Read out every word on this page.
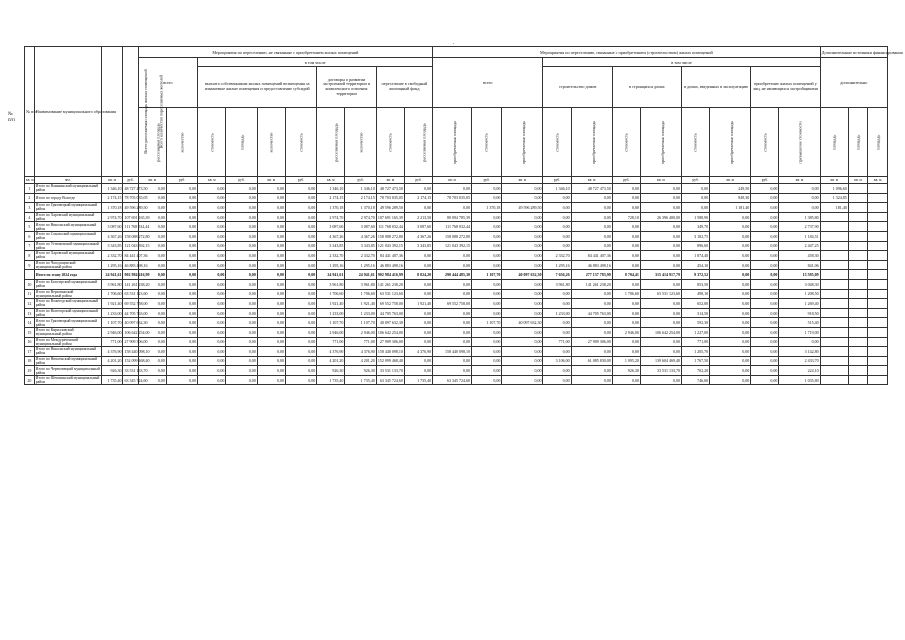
.
№
п/п
№ п/п	Наименование муниципального образования	Всего расселяемая площадь жилых помещений	Всего количество переселяемых жителей	Мероприятия по переселению, не связанные с приобретением жилых помещений										Мероприятия по переселению, связанные с приобретением (строительством) жилых помещений											Дополнительные источники финансирования		
				всего		в том числе								всего			в том числе								дополнительно		
						выплата собственникам жилых помещений возмещения за изымаемые жилые помещения и предоставление субсидий				договоры о развитии застроенной территории и комплексного освоения территории		переселение в свободный жилищный фонд					строительство домов		в строящихся домах		в домах, введенных в эксплуатацию		приобретение жилых помещений у лиц, не являющихся застройщиками				
				расселяемая площадь	количество	стоимость	площадь	количество	стоимость	расселяемая площадь	количество	стоимость	расселяемая площадь	приобретаемая площадь	стоимость	приобретаемая площадь	стоимость	приобретаемая площадь	стоимость	приобретаемая площадь	стоимость	приобретаемая площадь	стоимость	превышение стоимости	площадь	площадь	площадь
кв. м	чел.	кв. м	руб.	кв. м	руб.	кв. м	руб.	кв. м	руб.	кв. м	руб.	кв. м	руб.	кв. м	руб.	кв. м	руб.	кв. м	руб.	кв. м	руб.	кв. м	руб.	кв. м	кв. м	кв. м	кв. м
1	Итого по Ванькинский муниципальный район	1 346,10	48 727 473,50	0,00	0,00	0,00	0,00	0,00	0,00	1 346,10	1 346,10	48 727 473,50	0,00	0,00	0,00	0,00	1 346,10	48 727 473,50	0,00	0,00	0,00	249,50	0,00	0,00	1 096,60		
2	Итого по городу Вологде	2 174,15	78 703 035,05	0,00	0,00	0,00	0,00	0,00	0,00	2 174,15	2 174,15	78 703 035,05	2 174,15	78 703 035,05	0,00	0,00	0,00	0,00	0,00	0,00	0,00	849,30	0,00	0,00	1 324,85		
3	Итого по Грязовецкий муниципальный район	1 370,18	49 596 289,50	0,00	0,00	0,00	0,00	0,00	0,00	1 370,18	1 370,18	49 596 289,50	0,00	0,00	1 370,18	49 596 289,50	0,00	0,00	0,00	0,00	0,00	1 181,40	0,00	0,00	181,40		
4	Итого по Харовский муниципальный район	2 974,70	107 691 165,39	0,00	0,00	0,00	0,00	0,00	0,00	2 974,70	2 974,70	107 691 165,39	2 213,50	80 094 785,39	0,00	0,00	0,00	0,00	728,10	26 396 400,00	1 588,90	0,00	0,00	1 385,80			
5	Итого по Никольский муниципальный район	3 087,60	111 768 032,44	0,00	0,00	0,00	0,00	0,00	0,00	3 087,60	3 087,60	111 768 032,44	3 087,60	111 768 032,44	0,00	0,00	0,00	0,00	0,00	0,00	349,70	0,00	0,00	2 737,90			
6	Итого по Сокольский муниципальный район	4 367,26	158 088 272,80	0,00	0,00	0,00	0,00	0,00	0,00	4 367,26	4 367,26	158 088 272,80	4 367,26	158 088 272,80	0,00	0,00	0,00	0,00	0,00	0,00	3 182,75	0,00	0,00	1 184,51			
7	Итого по Устюженский муниципальный район	3 343,85	121 043 392,15	0,00	0,00	0,00	0,00	0,00	0,00	3 343,85	3 343,85	121 043 392,15	3 343,85	121 043 392,15	0,00	0,00	0,00	0,00	0,00	0,00	896,60	0,00	0,00	2 447,25			
8	Итого по Харовский муниципальный район	2 332,70	84 441 407,36	0,00	0,00	0,00	0,00	0,00	0,00	2 332,70	2 332,70	84 441 407,36	0,00	0,00	0,00	0,00	2 332,70	84 441 407,36	0,00	0,00	1 874,40	0,00	0,00	458,30			
9	Итого по Чагодощенский муниципальный район	1 295,16	46 883 498,16	0,00	0,00	0,00	0,00	0,00	0,00	1 295,16	1 295,16	46 883 498,16	0,00	0,00	0,00	0,00	1 295,16	46 883 498,16	0,00	0,00	454,10	0,00	0,00	841,06			
	Итого по этапу 2024 года	24 941,61	902 984 416,99	0,00	0,00	0,00	0,00	0,00	0,00	24 941,61	24 941,61	902 984 416,99	8 024,20	290 444 485,30	1 107,70	40 097 632,30	7 656,26	277 137 783,90	8 704,41	315 414 917,79	9 372,52	0,00	0,00	15 595,09			
10	Итого по Белозерский муниципальный район	3 961,80	141 261 238,20	0,00	0,00	0,00	0,00	0,00	0,00	3 961,80	3 961,80	141 261 238,20	0,00	0,00	0,00	0,00	3 961,80	141 261 238,20	0,00	0,00	853,50	0,00	0,00	3 048,30			
11	Итого по Верховажский муниципальный район	1 706,60	63 531 123,60	0,00	0,00	0,00	0,00	0,00	0,00	1 706,60	1 706,60	63 531 123,60	0,00	0,00	0,00	0,00	0,00	0,00	1 706,60	63 531 123,60	498,10	0,00	0,00	1 208,50			
12	Итого по Вожегодский муниципальный район	1 921,40	69 552 758,00	0,00	0,00	0,00	0,00	0,00	0,00	1 921,40	1 921,40	69 552 758,00	1 921,40	69 552 758,00	0,00	0,00	0,00	0,00	0,00	0,00	652,00	0,00	0,00	1 269,40			
13	Итого по Вытегорский муниципальный район	1 233,00	44 705 763,00	0,00	0,00	0,00	0,00	0,00	0,00	1 233,00	1 233,00	44 705 763,00	0,00	0,00	0,00	0,00	1 233,00	44 705 763,00	0,00	0,00	314,50	0,00	0,00	918,50			
14	Итого по Грязовецкий муниципальный район	1 107,70	40 097 632,30	0,00	0,00	0,00	0,00	0,00	0,00	1 107,70	1 107,70	40 097 632,30	0,00	0,00	1 107,70	40 097 632,30	0,00	0,00	0,00	0,00	592,30	0,00	0,00	515,40			
15	Итого по Кирилловский муниципальный район	2 946,00	106 642 254,00	0,00	0,00	0,00	0,00	0,00	0,00	2 946,00	2 946,00	106 642 254,00	0,00	0,00	0,00	0,00	0,00	0,00	2 946,00	106 642 254,00	1 227,00	0,00	0,00	1 719,00			
16	Итого по Междуреченский муниципальный район	771,00	27 909 306,00	0,00	0,00	0,00	0,00	0,00	0,00	771,00	771,00	27 909 306,00	0,00	0,00	0,00	0,00	771,00	27 909 306,00	0,00	0,00	771,00	0,00	0,00	0,00			
17	Итого по Никольский муниципальный район	4 376,90	158 440 098,10	0,00	0,00	0,00	0,00	0,00	0,00	4 376,90	4 376,90	158 440 098,10	4 376,90	158 440 098,10	0,00	0,00	0,00	0,00	0,00	0,00	1 205,70	0,00	0,00	3 142,80			
18	Итого по Нюксенский муниципальный район	4 201,20	152 099 468,40	0,00	0,00	0,00	0,00	0,00	0,00	4 201,20	4 201,20	152 099 468,40	0,00	0,00	0,00	0,00	3 106,00	61 085 830,00	1 095,20	139 604 469,40	1 767,50	0,00	0,00	2 433,70			
19	Итого по Череповецкий муниципальный район	926,30	33 531 133,70	0,00	0,00	0,00	0,00	0,00	0,00	926,30	926,30	33 531 133,70	0,00	0,00	0,00	0,00	0,00	0,00	926,30	33 531 133,70	702,20	0,00	0,00	224,10			
20	Итого по Шекснинский муниципальный район	1 735,40	63 345 724,60	0,00	0,00	0,00	0,00	0,00	0,00	1 735,40	1 735,40	63 345 724,60	1 735,40	63 345 724,60	0,00	0,00	0,00	0,00	0,00	0,00	746,60	0,00	0,00	1 035,80			
